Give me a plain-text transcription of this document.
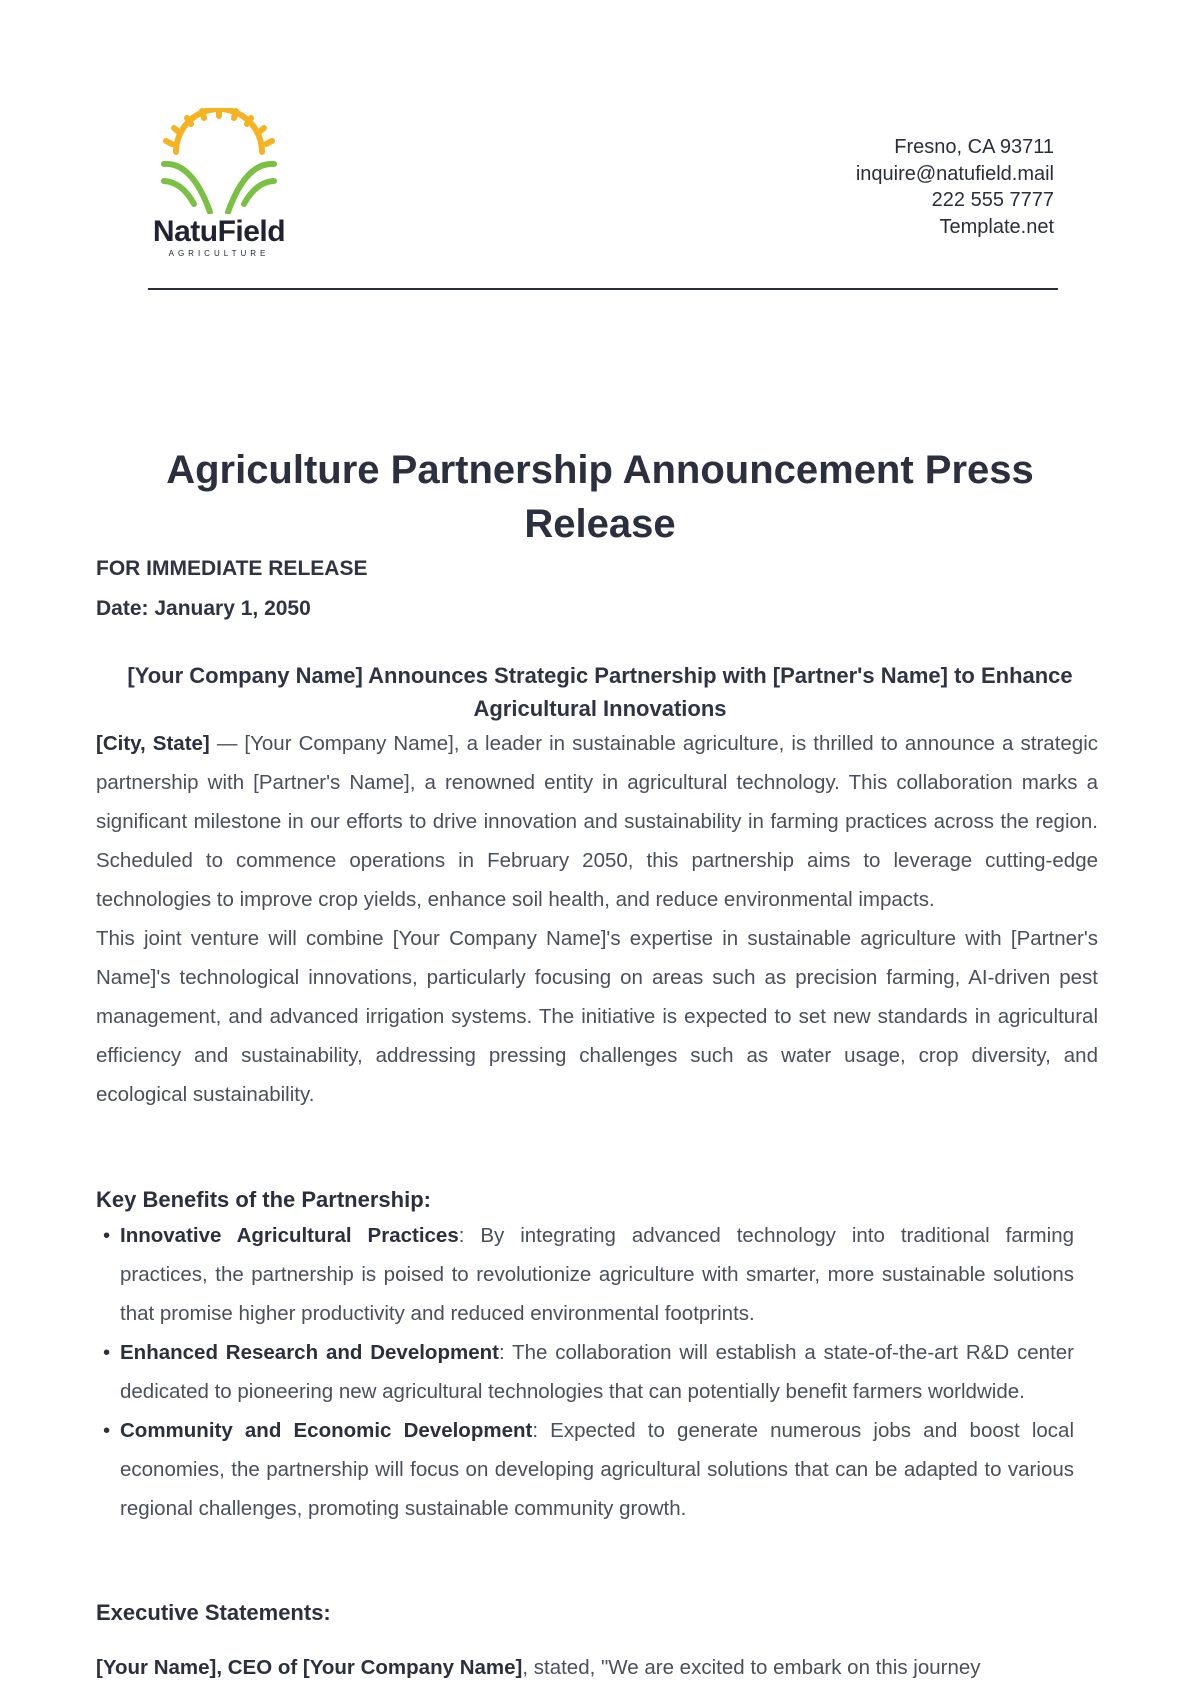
NatuField
AGRICULTURE
Fresno, CA 93711
inquire@natufield.mail
222 555 7777
Template.net
Agriculture Partnership Announcement Press Release
FOR IMMEDIATE RELEASE
Date: January 1, 2050
[Your Company Name] Announces Strategic Partnership with [Partner's Name] to Enhance Agricultural Innovations

[City, State] — [Your Company Name], a leader in sustainable agriculture, is thrilled to announce a strategic partnership with [Partner's Name], a renowned entity in agricultural technology. This collaboration marks a significant milestone in our efforts to drive innovation and sustainability in farming practices across the region. Scheduled to commence operations in February 2050, this partnership aims to leverage cutting-edge technologies to improve crop yields, enhance soil health, and reduce environmental impacts.

This joint venture will combine [Your Company Name]'s expertise in sustainable agriculture with [Partner's Name]'s technological innovations, particularly focusing on areas such as precision farming, AI-driven pest management, and advanced irrigation systems. The initiative is expected to set new standards in agricultural efficiency and sustainability, addressing pressing challenges such as water usage, crop diversity, and ecological sustainability.

Key Benefits of the Partnership:
• Innovative Agricultural Practices: By integrating advanced technology into traditional farming practices, the partnership is poised to revolutionize agriculture with smarter, more sustainable solutions that promise higher productivity and reduced environmental footprints.
• Enhanced Research and Development: The collaboration will establish a state-of-the-art R&D center dedicated to pioneering new agricultural technologies that can potentially benefit farmers worldwide.
• Community and Economic Development: Expected to generate numerous jobs and boost local economies, the partnership will focus on developing agricultural solutions that can be adapted to various regional challenges, promoting sustainable community growth.
Executive Statements:
[Your Name], CEO of [Your Company Name], stated, "We are excited to embark on this journey
